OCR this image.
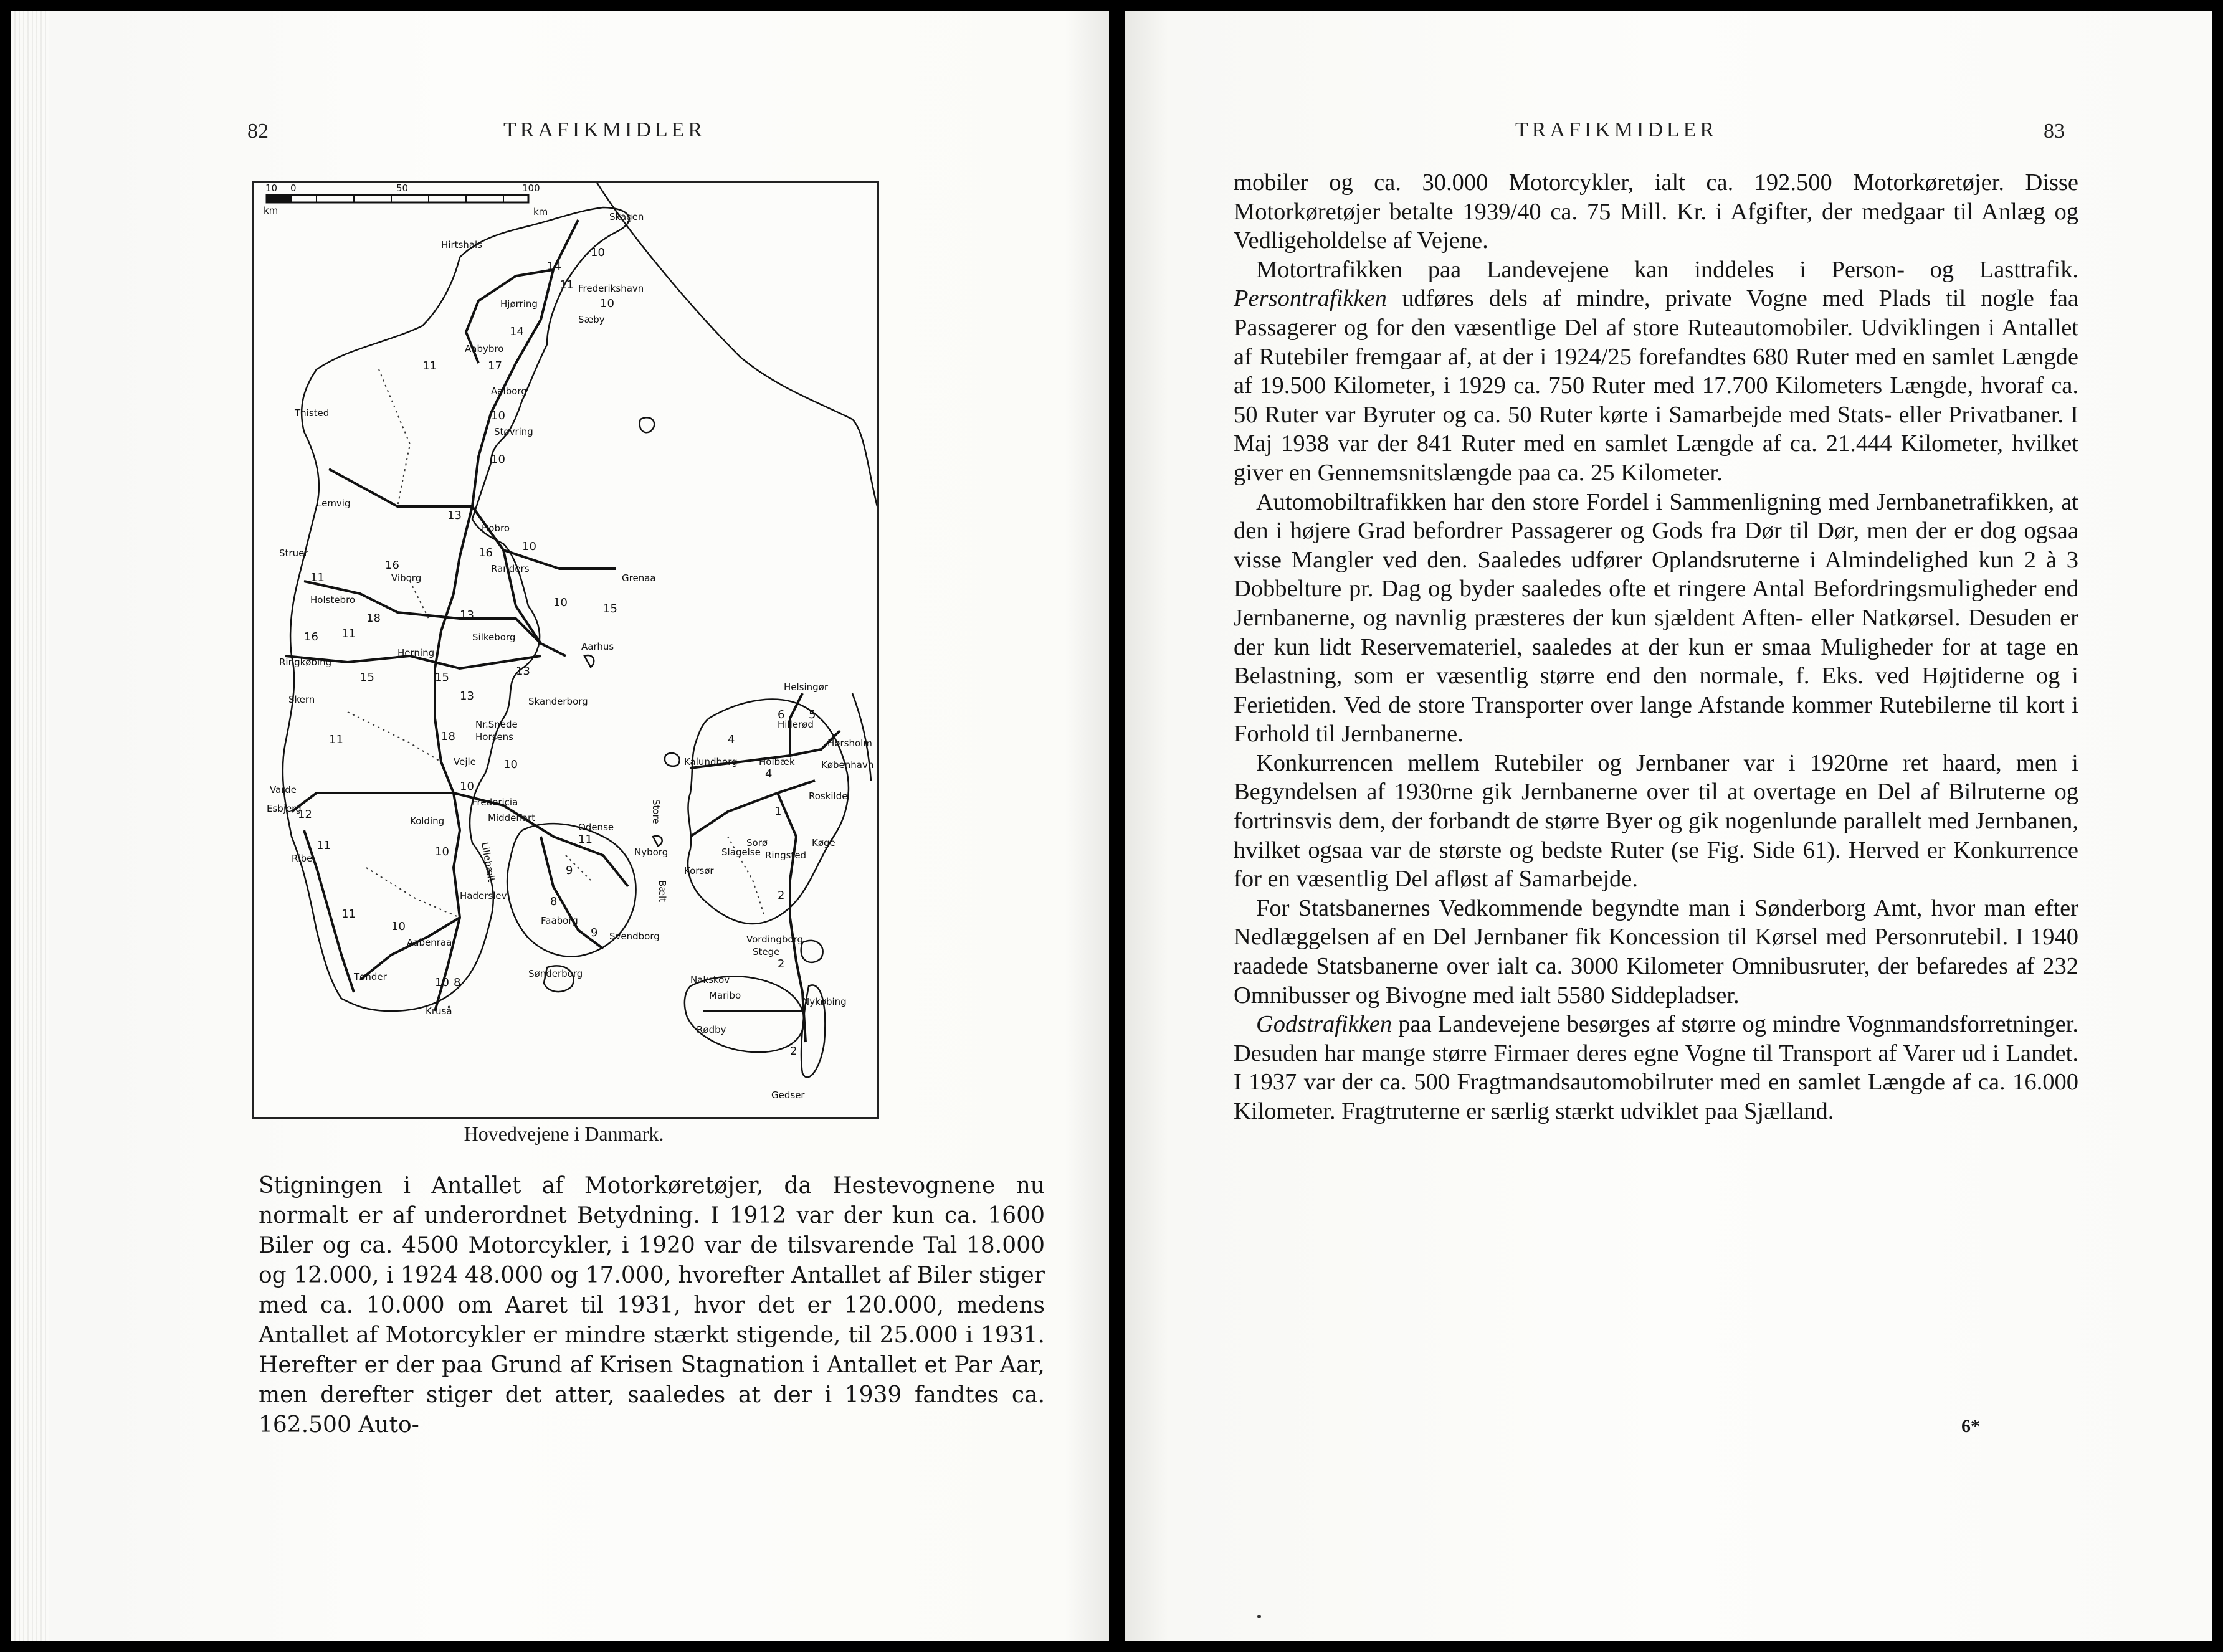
82	TRAFIKMIDLER
10 0	50	100
km	km	Skagen
Hirtshals
Frederikshavn
Hjørring
Sæby
Aabybro
Aalborg
Thisted
Støvring
Hobro
Lemvig
Struer
Viborg
Randers
Grenaa
Holstebro
Ringkøbing
Herning
Silkeborg
Aarhus
Skanderborg
Skern
Nr.Snede
Horsens
Vejle
Varde
Esbjerg
Kolding
Fredericia
Middelfart
Odense
Nyborg
Ribe
Haderslev
Aabenraa
Faaborg
Svendborg
Tønder	Sønderborg
Kruså
Kalundborg Holbæk
Helsingør
Hillerød
Hørsholm
København
Roskilde
Køge
Korsør
Slagelse
Sorø
Ringsted
Vordingborg
Stege
Nakskov
Maribo
Nykøbing
Rødby
Gedser
Store
Bælt
Lillebælt
14
10
11
14
10
17
11
10
10
13
10
16
11
16
10	15
13
18
16 11
15	15	13
13
18
10
11
10
12
11	10
11
10
10 8
9
9
8
11
4
4
6 5
1
2
2
2
Hovedvejene i Danmark.

Stigningen i Antallet af Motorkøretøjer, da Hestevognene nu normalt er af underordnet Betydning. I 1912 var der kun ca. 1600 Biler og ca. 4500 Motorcykler, i 1920 var de tilsvarende Tal 18.000 og 12.000, i 1924 48.000 og 17.000, hvorefter Antallet af Biler stiger med ca. 10.000 om Aaret til 1931, hvor det er 120.000, medens Antallet af Motorcykler er mindre stærkt stigende, til 25.000 i 1931. Herefter er der paa Grund af Krisen Stagnation i Antallet et Par Aar, men derefter stiger det atter, saaledes at der i 1939 fandtes ca. 162.500 Auto-

TRAFIKMIDLER	83

mobiler og ca. 30.000 Motorcykler, ialt ca. 192.500 Motorkøretøjer. Disse Motorkøretøjer betalte 1939/40 ca. 75 Mill. Kr. i Afgifter, der medgaar til Anlæg og Vedligeholdelse af Vejene.

Motortrafikken paa Landevejene kan inddeles i Person- og Lasttrafik. Persontrafikken udføres dels af mindre, private Vogne med Plads til nogle faa Passagerer og for den væsentlige Del af store Ruteautomobiler. Udviklingen i Antallet af Rutebiler fremgaar af, at der i 1924/25 forefandtes 680 Ruter med en samlet Længde af 19.500 Kilometer, i 1929 ca. 750 Ruter med 17.700 Kilometers Længde, hvoraf ca. 50 Ruter var Byruter og ca. 50 Ruter kørte i Samarbejde med Stats- eller Privatbaner. I Maj 1938 var der 841 Ruter med en samlet Længde af ca. 21.444 Kilometer, hvilket giver en Gennemsnitslængde paa ca. 25 Kilometer.

Automobiltrafikken har den store Fordel i Sammenligning med Jernbanetrafikken, at den i højere Grad befordrer Passagerer og Gods fra Dør til Dør, men der er dog ogsaa visse Mangler ved den. Saaledes udfører Oplandsruterne i Almindelighed kun 2 à 3 Dobbelture pr. Dag og byder saaledes ofte et ringere Antal Befordringsmuligheder end Jernbanerne, og navnlig præsteres der kun sjældent Aften- eller Natkørsel. Desuden er der kun lidt Reservemateriel, saaledes at der kun er smaa Muligheder for at tage en Belastning, som er væsentlig større end den normale, f. Eks. ved Højtiderne og i Ferietiden. Ved de store Transporter over lange Afstande kommer Rutebilerne til kort i Forhold til Jernbanerne.

Konkurrencen mellem Rutebiler og Jernbaner var i 1920rne ret haard, men i Begyndelsen af 1930rne gik Jernbanerne over til at overtage en Del af Bilruterne og fortrinsvis dem, der forbandt de større Byer og gik nogenlunde parallelt med Jernbanen, hvilket ogsaa var de største og bedste Ruter (se Fig. Side 61). Herved er Konkurrence for en væsentlig Del afløst af Samarbejde.

For Statsbanernes Vedkommende begyndte man i Sønderborg Amt, hvor man efter Nedlæggelsen af en Del Jernbaner fik Koncession til Kørsel med Personrutebil. I 1940 raadede Statsbanerne over ialt ca. 3000 Kilometer Omnibusruter, der befaredes af 232 Omnibusser og Bivogne med ialt 5580 Siddepladser.

Godstrafikken paa Landevejene besørges af større og mindre Vognmandsforretninger. Desuden har mange større Firmaer deres egne Vogne til Transport af Varer ud i Landet. I 1937 var der ca. 500 Fragtmandsautomobilruter med en samlet Længde af ca. 16.000 Kilometer. Fragtruterne er særlig stærkt udviklet paa Sjælland.

6*
